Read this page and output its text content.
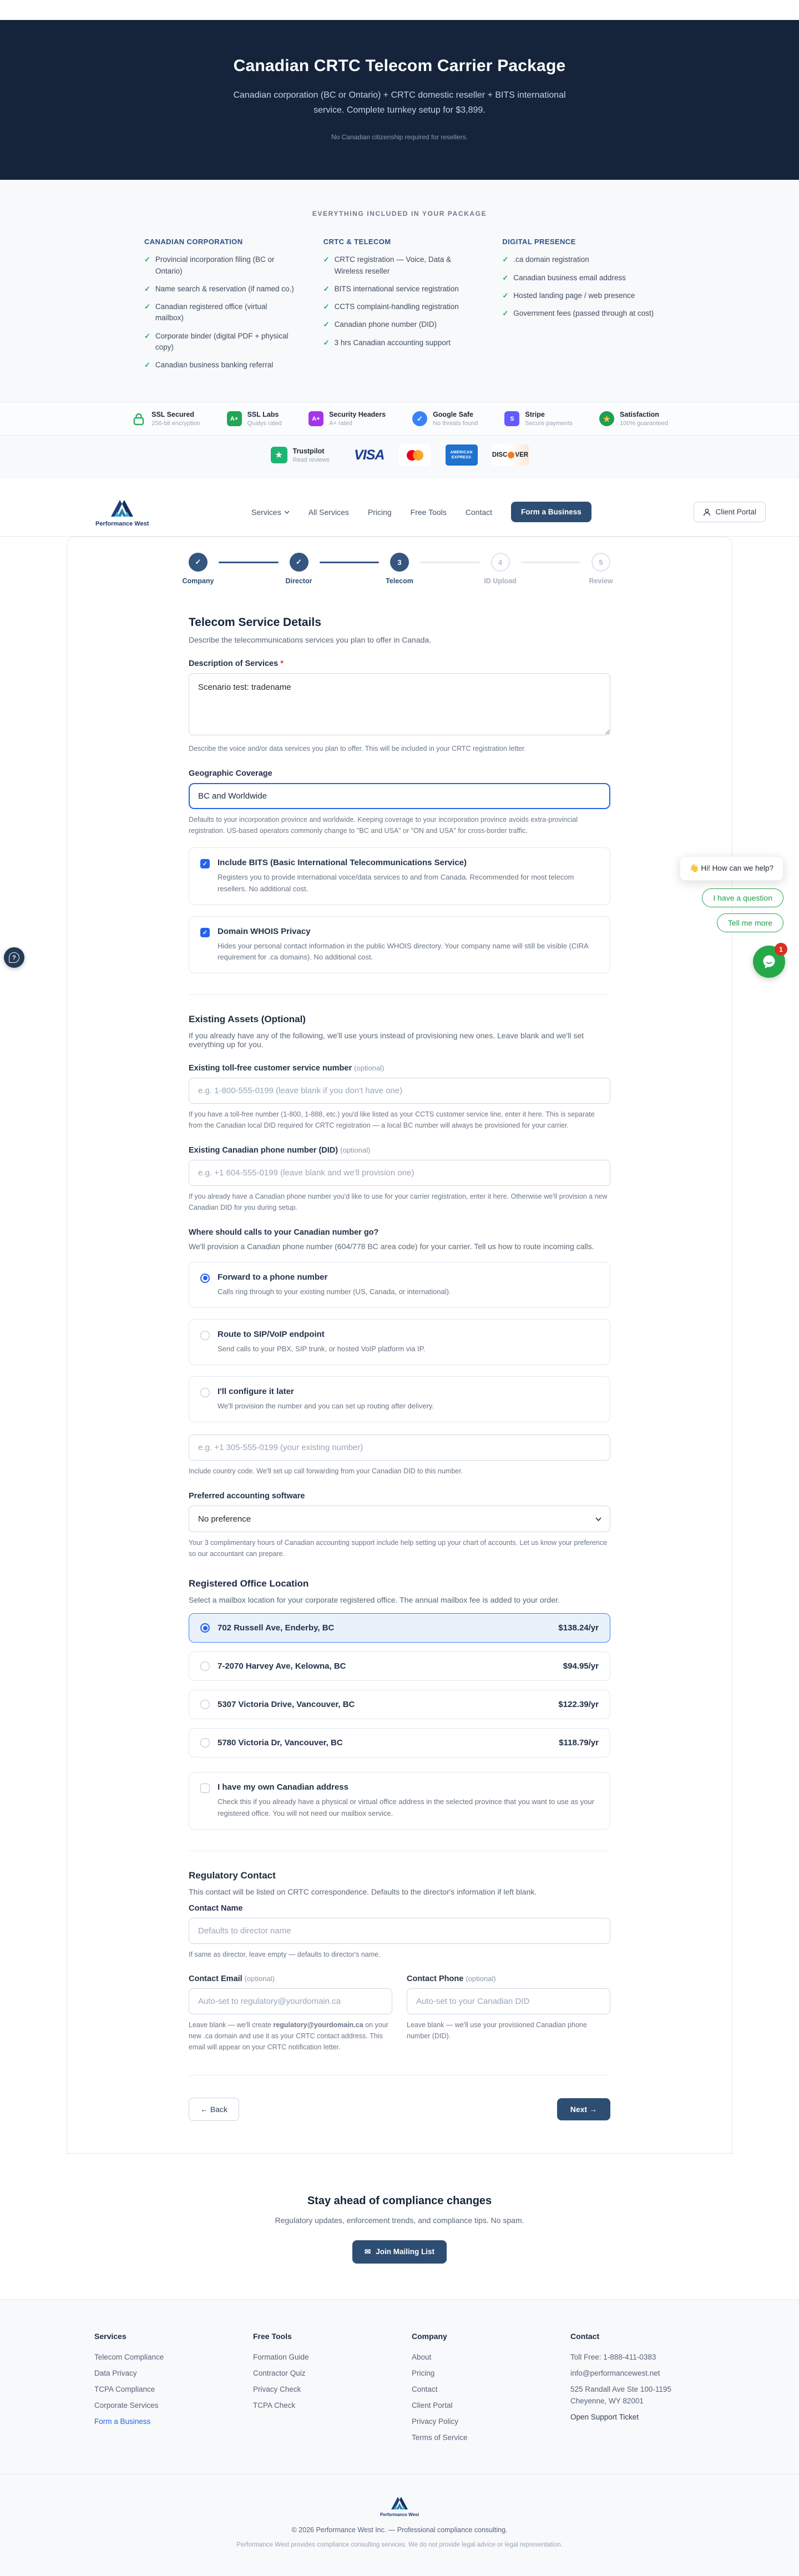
Canadian CRTC Telecom Carrier Package

Canadian corporation (BC or Ontario) + CRTC domestic reseller + BITS international service. Complete turnkey setup for $3,899.

No Canadian citizenship required for resellers.

EVERYTHING INCLUDED IN YOUR PACKAGE
CANADIAN CORPORATION
✓ Provincial incorporation filing (BC or Ontario)
✓ Name search & reservation (if named co.)
✓ Canadian registered office (virtual mailbox)
✓ Corporate binder (digital PDF + physical copy)
✓ Canadian business banking referral
CRTC & TELECOM
✓ CRTC registration — Voice, Data & Wireless reseller
✓ BITS international service registration
✓ CCTS complaint-handling registration
✓ Canadian phone number (DID)
✓ 3 hrs Canadian accounting support
DIGITAL PRESENCE
✓ .ca domain registration
✓ Canadian business email address
✓ Hosted landing page / web presence
✓ Government fees (passed through at cost)
SSL Secured
256-bit encryption
A+
SSL Labs
Qualys rated
A+
Security Headers
A+ rated
✓	Google Safe
No threats found
S
Stripe
Secure payments	★	Satisfaction
100% guaranteed
★	Trustpilot
Read reviews VISA	AMERICAN EXPRESS	DISC VER
Performance West
Services	All Services Pricing Free Tools Contact	Form a Business	Client Portal
✓
Company
✓
Director
3
Telecom
4
ID Upload
5
Review
Telecom Service Details
Describe the telecommunications services you plan to offer in Canada.
Description of Services *
Scenario test: tradename
Describe the voice and/or data services you plan to offer. This will be included in your CRTC registration letter.
Geographic Coverage
BC and Worldwide
Defaults to your incorporation province and worldwide. Keeping coverage to your incorporation province avoids extra-provincial registration. US-based operators commonly change to "BC and USA" or "ON and USA" for cross-border traffic.
✓ Include BITS (Basic International Telecommunications Service)
Registers you to provide international voice/data services to and from Canada. Recommended for most telecom resellers. No additional cost.
✓ Domain WHOIS Privacy
Hides your personal contact information in the public WHOIS directory. Your company name will still be visible (CIRA requirement for .ca domains). No additional cost.
Existing Assets (Optional)
If you already have any of the following, we'll use yours instead of provisioning new ones. Leave blank and we'll set everything up for you.
Existing toll-free customer service number (optional)
e.g. 1-800-555-0199 (leave blank if you don't have one)
If you have a toll-free number (1-800, 1-888, etc.) you'd like listed as your CCTS customer service line, enter it here. This is separate from the Canadian local DID required for CRTC registration — a local BC number will always be provisioned for your carrier.
Existing Canadian phone number (DID) (optional)
e.g. +1 604-555-0199 (leave blank and we'll provision one)
If you already have a Canadian phone number you'd like to use for your carrier registration, enter it here. Otherwise we'll provision a new Canadian DID for you during setup.
Where should calls to your Canadian number go?
We'll provision a Canadian phone number (604/778 BC area code) for your carrier. Tell us how to route incoming calls.
Forward to a phone number
Calls ring through to your existing number (US, Canada, or international).
Route to SIP/VoIP endpoint
Send calls to your PBX, SIP trunk, or hosted VoIP platform via IP.
I'll configure it later
We'll provision the number and you can set up routing after delivery.
e.g. +1 305-555-0199 (your existing number)
Include country code. We'll set up call forwarding from your Canadian DID to this number.
Preferred accounting software
No preference
Your 3 complimentary hours of Canadian accounting support include help setting up your chart of accounts. Let us know your preference so our accountant can prepare.
Registered Office Location
Select a mailbox location for your corporate registered office. The annual mailbox fee is added to your order.
702 Russell Ave, Enderby, BC	$138.24/yr
7-2070 Harvey Ave, Kelowna, BC	$94.95/yr
5307 Victoria Drive, Vancouver, BC	$122.39/yr
5780 Victoria Dr, Vancouver, BC	$118.79/yr
I have my own Canadian address
Check this if you already have a physical or virtual office address in the selected province that you want to use as your registered office. You will not need our mailbox service.
Regulatory Contact
This contact will be listed on CRTC correspondence. Defaults to the director's information if left blank.
Contact Name
Defaults to director name
If same as director, leave empty — defaults to director's name.
Contact Email (optional)
Auto-set to regulatory@yourdomain.ca
Leave blank — we'll create regulatory@yourdomain.ca on your new .ca domain and use it as your CRTC contact address. This email will appear on your CRTC notification letter.
Contact Phone (optional)
Auto-set to your Canadian DID
Leave blank — we'll use your provisioned Canadian phone number (DID).
← Back	Next →
Stay ahead of compliance changes
Regulatory updates, enforcement trends, and compliance tips. No spam.
✉ Join Mailing List
Services
Telecom Compliance
Data Privacy
TCPA Compliance
Corporate Services
Form a Business
Free Tools
Formation Guide
Contractor Quiz
Privacy Check
TCPA Check
Company
About
Pricing
Contact
Client Portal
Privacy Policy
Terms of Service
Contact
Toll Free: 1-888-411-0383
info@performancewest.net
525 Randall Ave Ste 100-1195
Cheyenne, WY 82001
Open Support Ticket
Performance West
© 2026 Performance West Inc. — Professional compliance consulting.
Performance West provides compliance consulting services. We do not provide legal advice or legal representation.
?
👋 Hi! How can we help?
I have a question
Tell me more
1
